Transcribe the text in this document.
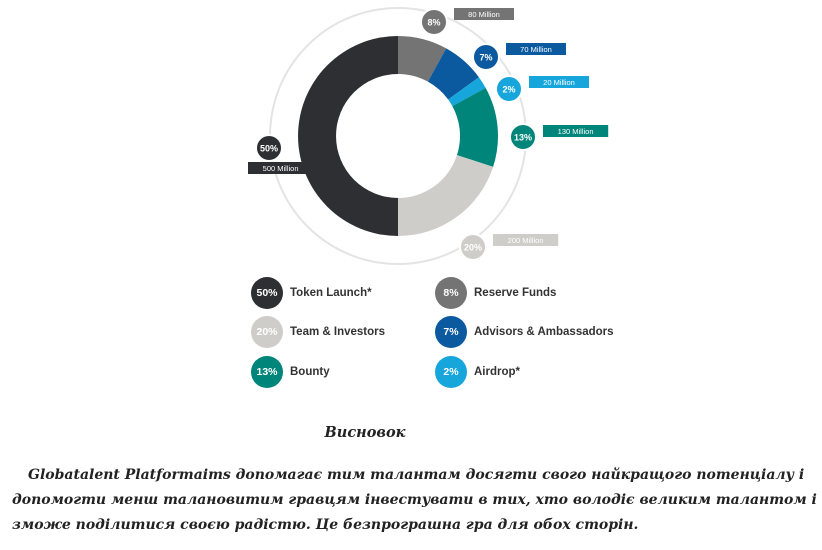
50%
500 Million
20%
200 Million
13%
130 Million
8%
80 Million
7%
70 Million
2%
20 Million
50%	Token Launch*
20%	Team & Investors
13%	Bounty
8%	Reserve Funds
7%	Advisors & Ambassadors
2%	Airdrop*
Висновок
Globatalent Platformaims допомагає тим талантам досягти свого найкращого потенціалу і допомогти менш талановитим гравцям інвестувати в тих, хто володіє великим талантом і зможе поділитися своєю радістю. Це безпрограшна гра для обох сторін.
